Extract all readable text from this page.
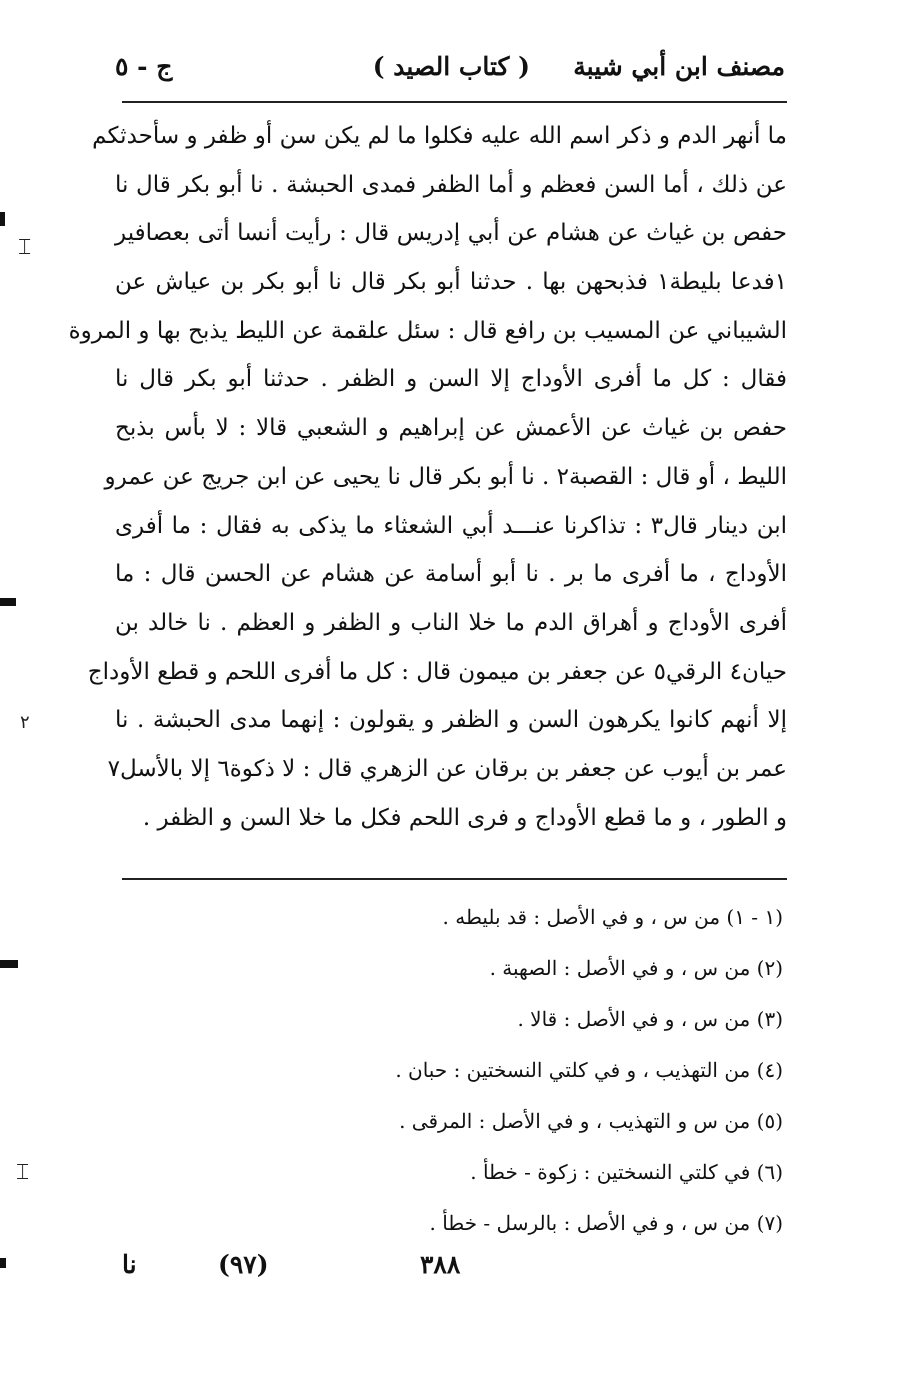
مصنف ابن أبي شيبة
( كتاب الصيد )
ج - ٥
ما أنهر الدم و ذكر اسم الله عليه فكلوا ما لم يكن سن أو ظفر و سأحدثكم
عن ذلك ، أما السن فعظم و أما الظفر فمدى الحبشة . نا أبو بكر قال نا
حفص بن غياث عن هشام عن أبي إدريس قال : رأيت أنسا أتى بعصافير
١فدعا بليطة١ فذبحهن بها . حدثنا أبو بكر قال نا أبو بكر بن عياش عن
الشيباني عن المسيب بن رافع قال : سئل علقمة عن الليط يذبح بها و المروة
فقال : كل ما أفرى الأوداج إلا السن و الظفر . حدثنا أبو بكر قال نا
حفص بن غياث عن الأعمش عن إبراهيم و الشعبي قالا : لا بأس بذبح
الليط ، أو قال : القصبة٢ . نا أبو بكر قال نا يحيى عن ابن جريج عن عمرو
ابن دينار قال٣ : تذاكرنا عنـــد أبي الشعثاء ما يذكى به فقال : ما أفرى
الأوداج ، ما أفرى ما بر . نا أبو أسامة عن هشام عن الحسن قال : ما
أفرى الأوداج و أهراق الدم ما خلا الناب و الظفر و العظم . نا خالد بن
حيان٤ الرقي٥ عن جعفر بن ميمون قال : كل ما أفرى اللحم و قطع الأوداج
إلا أنهم كانوا يكرهون السن و الظفر و يقولون : إنهما مدى الحبشة . نا
عمر بن أيوب عن جعفر بن برقان عن الزهري قال : لا ذكوة٦ إلا بالأسل٧
و الطور ، و ما قطع الأوداج و فرى اللحم فكل ما خلا السن و الظفر .
(١ - ١) من س ، و في الأصل : قد بليطه .
(٢) من س ، و في الأصل : الصهبة .
(٣) من س ، و في الأصل : قالا .
(٤) من التهذيب ، و في كلتي النسختين : حبان .
(٥) من س و التهذيب ، و في الأصل : المرقى .
(٦) في كلتي النسختين : زكوة - خطأ .
(٧) من س ، و في الأصل : بالرسل - خطأ .
٣٨٨
(٩٧)
نا
⌶
٢
⌶
